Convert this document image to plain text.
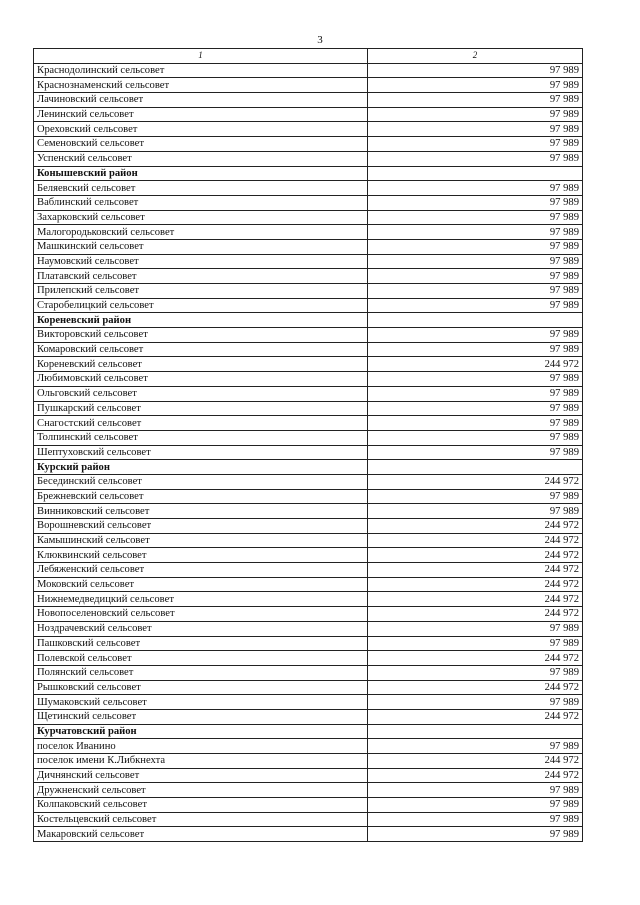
3
1	2
Краснодолинский сельсовет	97 989
Краснознаменский сельсовет	97 989
Лачиновский сельсовет	97 989
Ленинский сельсовет	97 989
Ореховский сельсовет	97 989
Семеновский сельсовет	97 989
Успенский сельсовет	97 989
Конышевский район	
Беляевский сельсовет	97 989
Ваблинский сельсовет	97 989
Захарковский сельсовет	97 989
Малогородьковский сельсовет	97 989
Машкинский сельсовет	97 989
Наумовский сельсовет	97 989
Платавский сельсовет	97 989
Прилепский сельсовет	97 989
Старобелицкий сельсовет	97 989
Кореневский район	
Викторовский сельсовет	97 989
Комаровский сельсовет	97 989
Кореневский сельсовет	244 972
Любимовский сельсовет	97 989
Ольговский сельсовет	97 989
Пушкарский сельсовет	97 989
Снагостский сельсовет	97 989
Толпинский сельсовет	97 989
Шептуховский сельсовет	97 989
Курский район	
Бесединский сельсовет	244 972
Брежневский сельсовет	97 989
Винниковский сельсовет	97 989
Ворошневский сельсовет	244 972
Камышинский сельсовет	244 972
Клюквинский сельсовет	244 972
Лебяженский сельсовет	244 972
Моковский сельсовет	244 972
Нижнемедведицкий сельсовет	244 972
Новопоселеновский сельсовет	244 972
Ноздрачевский сельсовет	97 989
Пашковский сельсовет	97 989
Полевской сельсовет	244 972
Полянский сельсовет	97 989
Рышковский сельсовет	244 972
Шумаковский сельсовет	97 989
Щетинский сельсовет	244 972
Курчатовский район	
поселок Иванино	97 989
поселок имени К.Либкнехта	244 972
Дичнянский сельсовет	244 972
Дружненский сельсовет	97 989
Колпаковский сельсовет	97 989
Костельцевский сельсовет	97 989
Макаровский сельсовет	97 989
